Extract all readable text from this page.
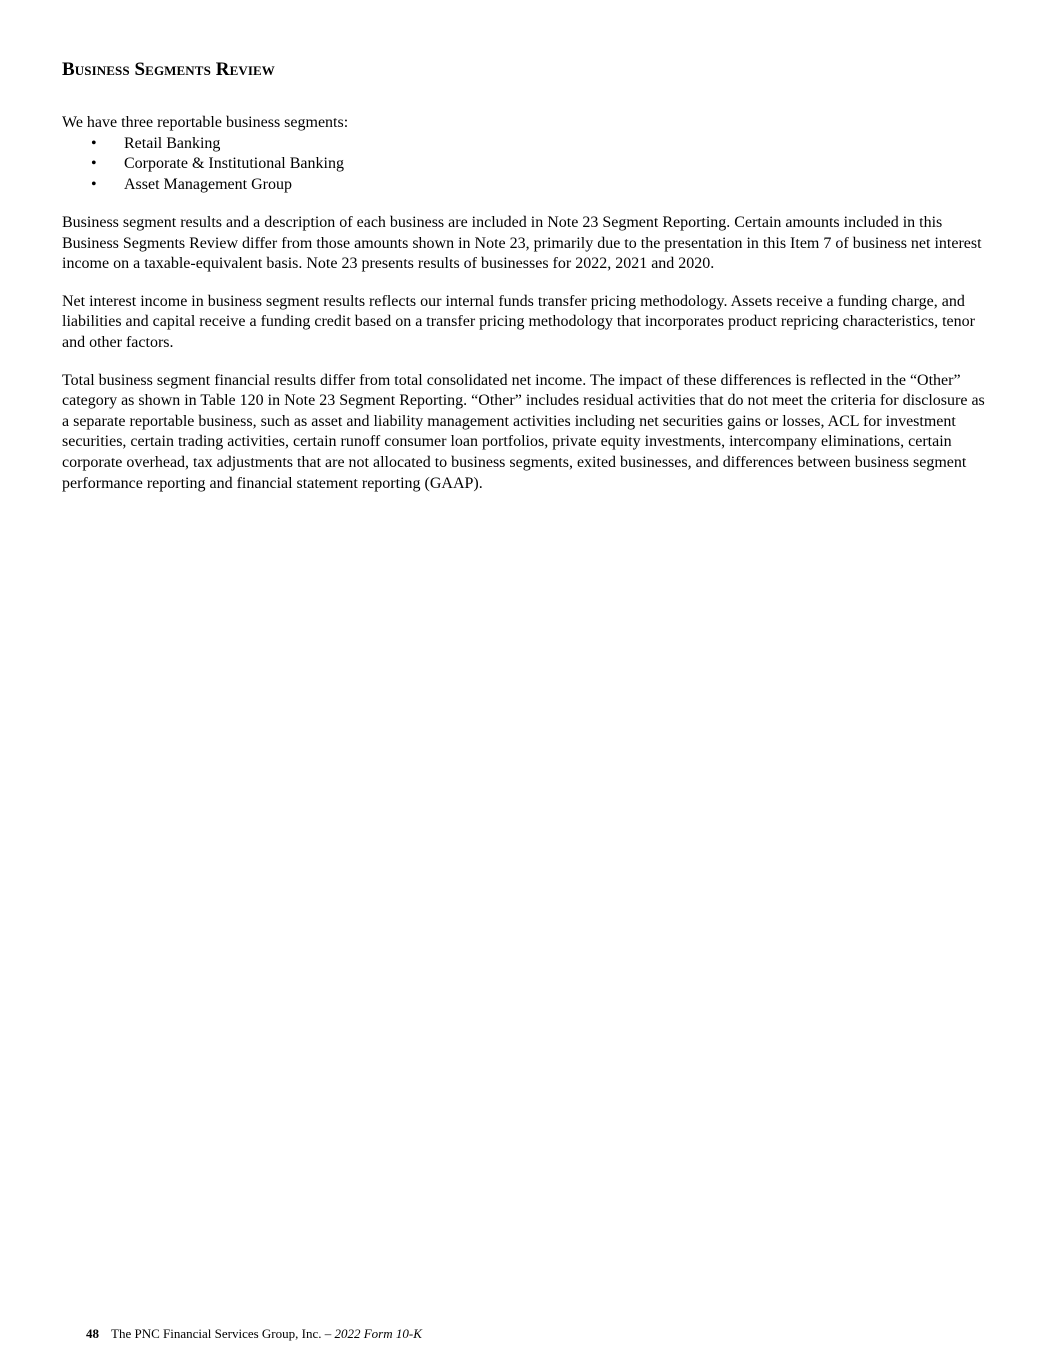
Business Segments Review

We have three reportable business segments:

• Retail Banking
• Corporate & Institutional Banking
• Asset Management Group

Business segment results and a description of each business are included in Note 23 Segment Reporting. Certain amounts included in this Business Segments Review differ from those amounts shown in Note 23, primarily due to the presentation in this Item 7 of business net interest income on a taxable-equivalent basis. Note 23 presents results of businesses for 2022, 2021 and 2020.

Net interest income in business segment results reflects our internal funds transfer pricing methodology. Assets receive a funding charge, and liabilities and capital receive a funding credit based on a transfer pricing methodology that incorporates product repricing characteristics, tenor and other factors.

Total business segment financial results differ from total consolidated net income. The impact of these differences is reflected in the “Other” category as shown in Table 120 in Note 23 Segment Reporting. “Other” includes residual activities that do not meet the criteria for disclosure as a separate reportable business, such as asset and liability management activities including net securities gains or losses, ACL for investment securities, certain trading activities, certain runoff consumer loan portfolios, private equity investments, intercompany eliminations, certain corporate overhead, tax adjustments that are not allocated to business segments, exited businesses, and differences between business segment performance reporting and financial statement reporting (GAAP).

48 The PNC Financial Services Group, Inc. – 2022 Form 10-K
